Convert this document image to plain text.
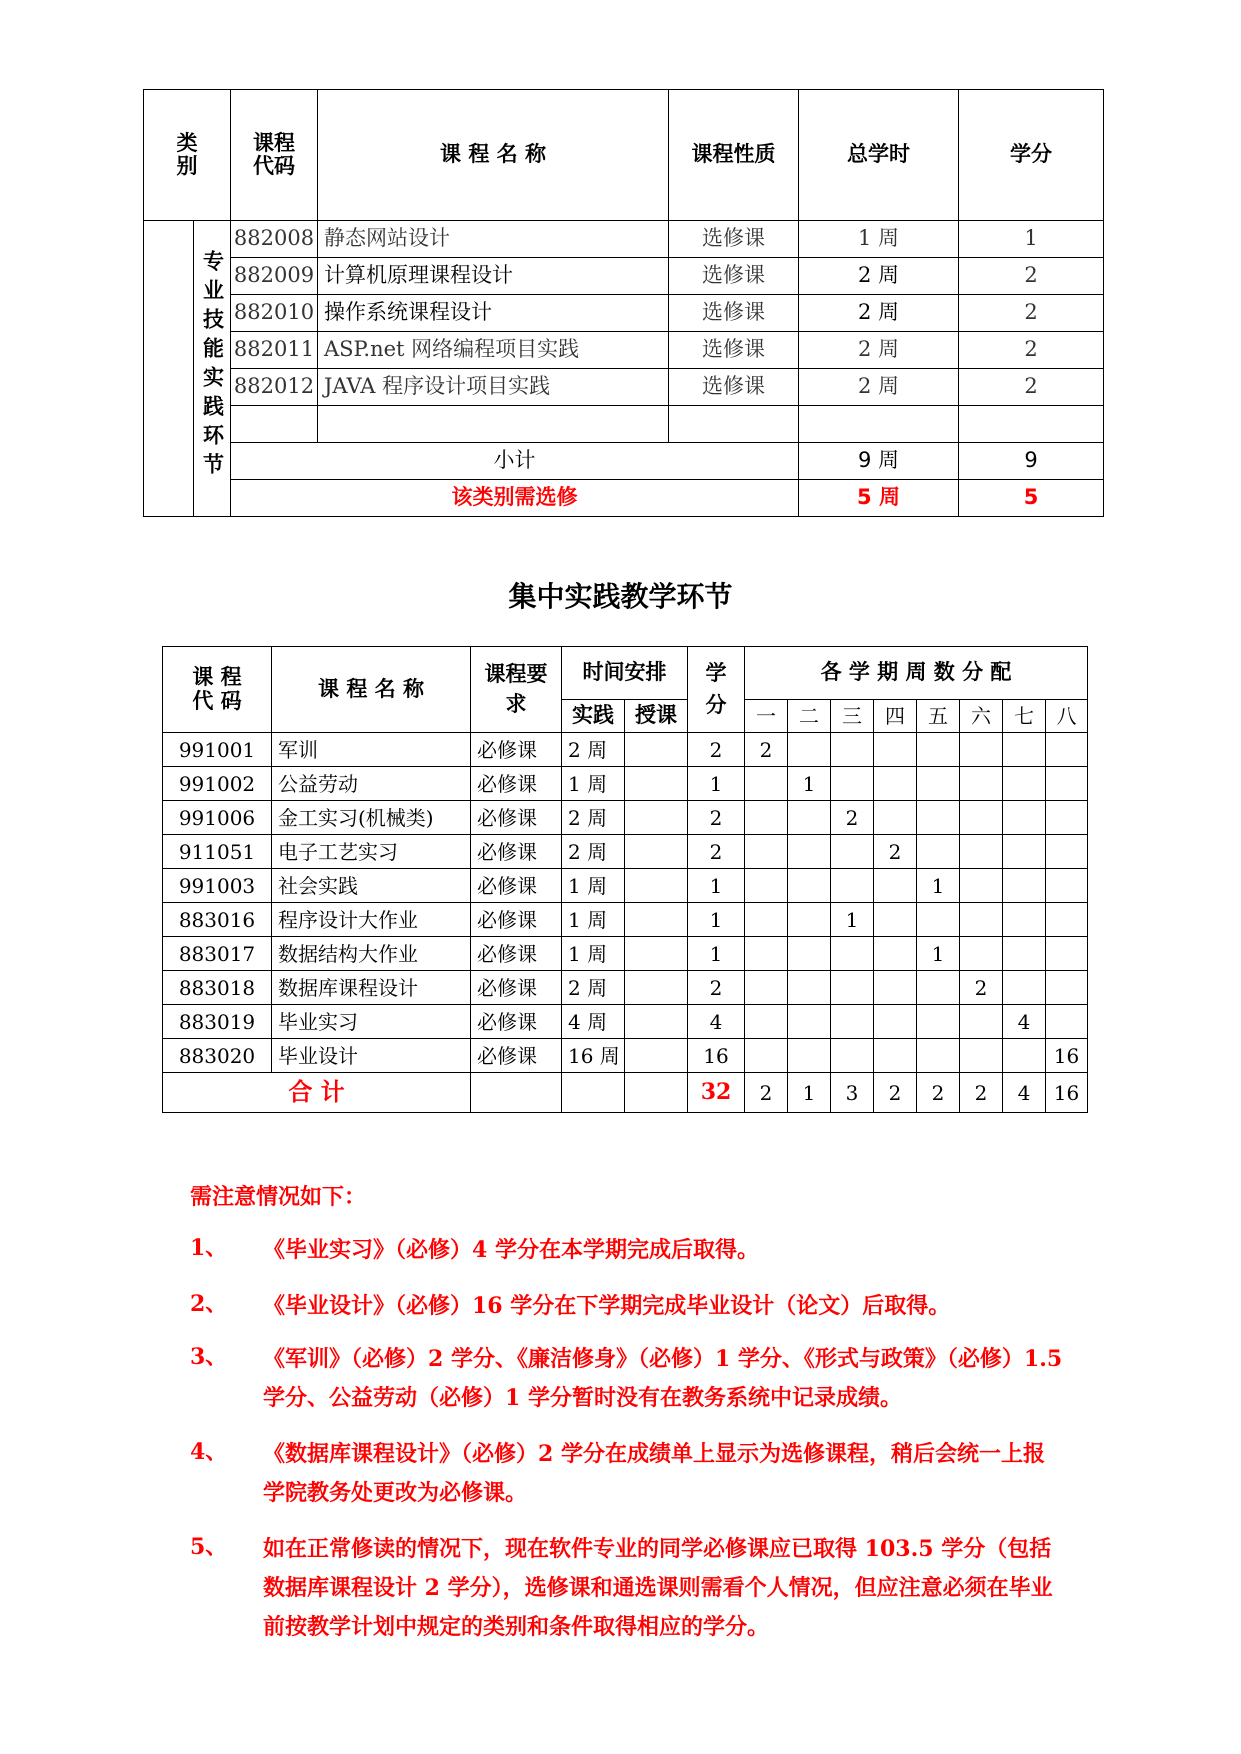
类别		课程代码	课 程 名 称	课程性质	总学时	学分
	专业技能实践环节	882008	静态网站设计	选修课	1 周	1
		882009	计算机原理课程设计	选修课	2 周	2
		882010	操作系统课程设计	选修课	2 周	2
		882011	ASP.net 网络编程项目实践	选修课	2 周	2
		882012	JAVA 程序设计项目实践	选修课	2 周	2

		小计			9 周	9
		该类别需选修			5 周	5
集中实践教学环节
课 程 代 码	课 程 名 称	课程要求	时间安排		学分	各 学 期 周 数 分 配							
			实践	授课		一	二	三	四	五	六	七	八
991001	军训	必修课	2 周		2	2							
991002	公益劳动	必修课	1 周		1		1						
991006	金工实习(机械类)	必修课	2 周		2			2					
911051	电子工艺实习	必修课	2 周		2				2				
991003	社会实践	必修课	1 周		1					1			
883016	程序设计大作业	必修课	1 周		1			1					
883017	数据结构大作业	必修课	1 周		1					1			
883018	数据库课程设计	必修课	2 周		2						2		
883019	毕业实习	必修课	4 周		4							4	
883020	毕业设计	必修课	16 周		16								16
合 计					32	2	1	3	2	2	2	4	16
需注意情况如下：
1、 《毕业实习》（必修）4 学分在本学期完成后取得。
2、 《毕业设计》（必修）16 学分在下学期完成毕业设计（论文）后取得。
3、 《军训》（必修）2 学分、《廉洁修身》（必修）1 学分、《形式与政策》（必修）1.5 学分、公益劳动（必修）1 学分暂时没有在教务系统中记录成绩。
4、 《数据库课程设计》（必修）2 学分在成绩单上显示为选修课程，稍后会统一上报学院教务处更改为必修课。
5、 如在正常修读的情况下，现在软件专业的同学必修课应已取得 103.5 学分（包括数据库课程设计 2 学分），选修课和通选课则需看个人情况，但应注意必须在毕业前按教学计划中规定的类别和条件取得相应的学分。
